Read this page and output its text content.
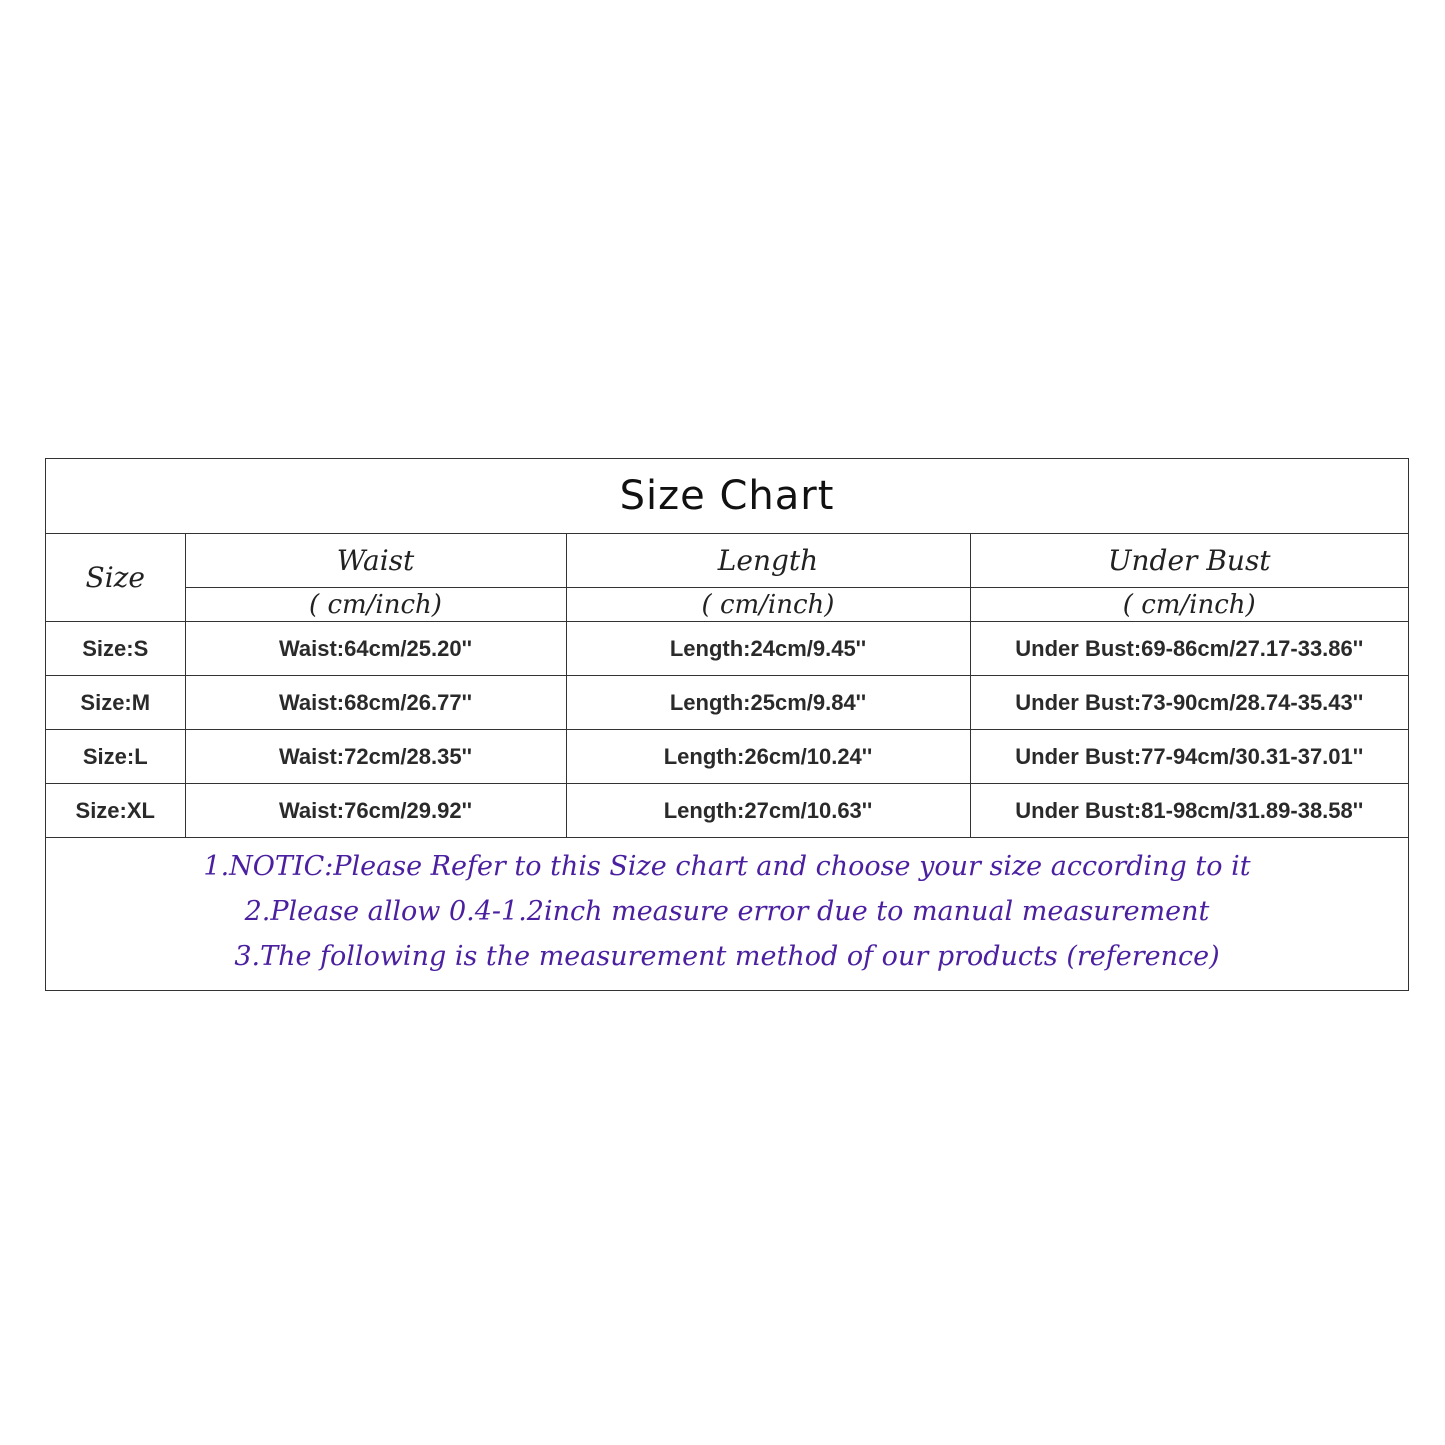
Size Chart
Size	Waist	Length	Under Bust
	( cm/inch)	( cm/inch)	( cm/inch)
Size:S	Waist:64cm/25.20''	Length:24cm/9.45''	Under Bust:69-86cm/27.17-33.86''
Size:M	Waist:68cm/26.77''	Length:25cm/9.84''	Under Bust:73-90cm/28.74-35.43''
Size:L	Waist:72cm/28.35''	Length:26cm/10.24''	Under Bust:77-94cm/30.31-37.01''
Size:XL	Waist:76cm/29.92''	Length:27cm/10.63''	Under Bust:81-98cm/31.89-38.58''
1.NOTIC:Please Refer to this Size chart and choose your size according to it
2.Please allow 0.4-1.2inch measure error due to manual measurement
3.The following is the measurement method of our products (reference)
